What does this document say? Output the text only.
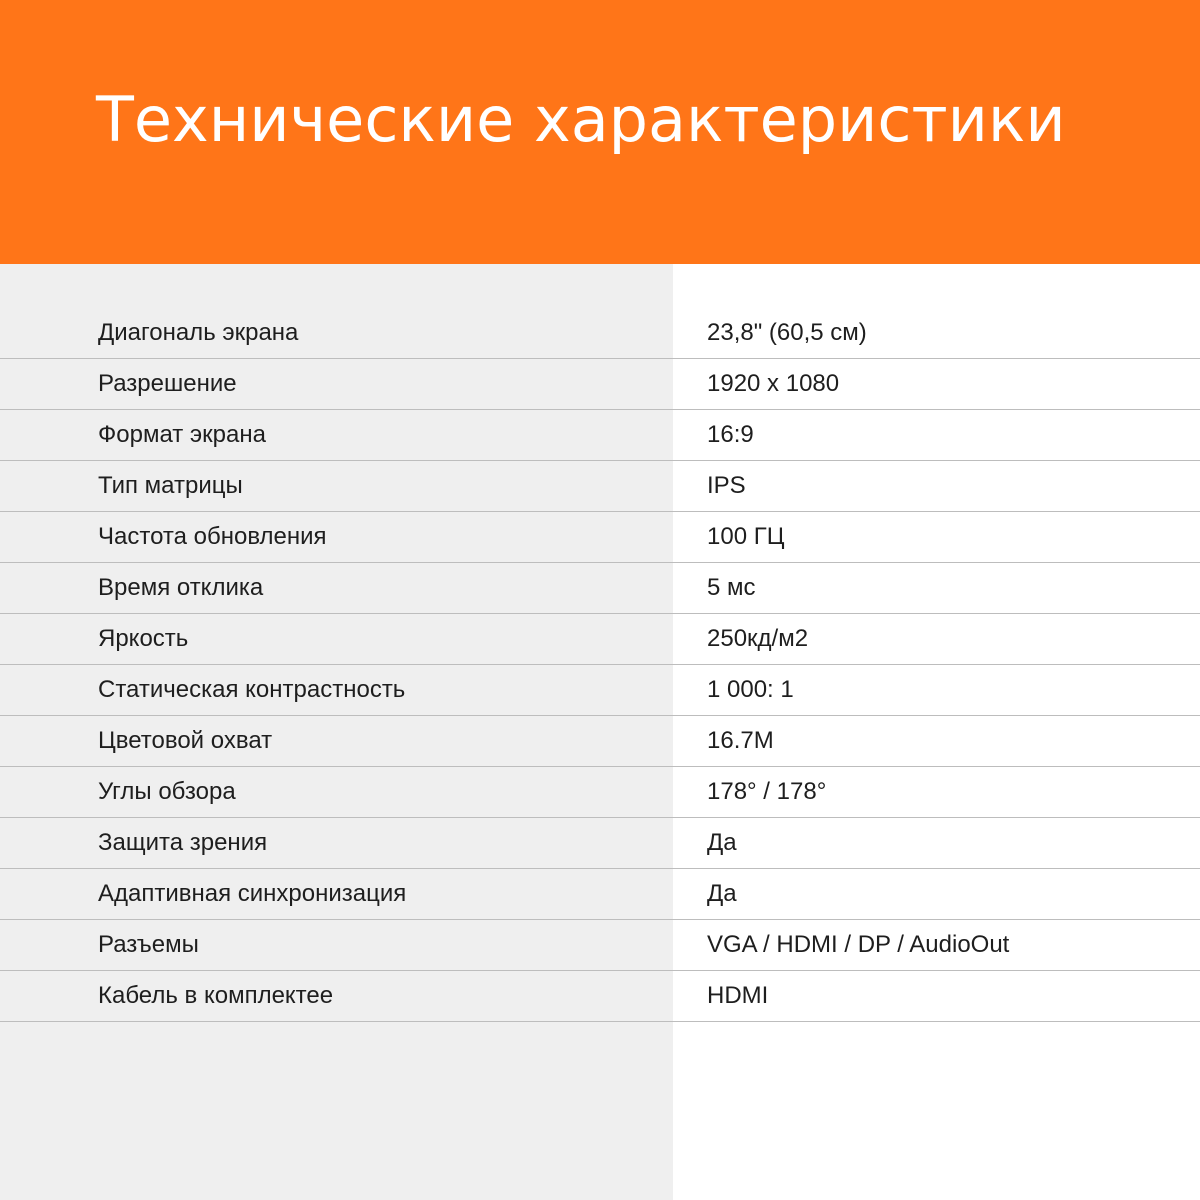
Технические характеристики
Диагональ экрана	23,8" (60,5 см)
Разрешение	1920 x 1080
Формат экрана	16:9
Тип матрицы	IPS
Частота обновления	100 ГЦ
Время отклика	5 мс
Яркость	250кд/м2
Статическая контрастность	1 000: 1
Цветовой охват	16.7M
Углы обзора	178° / 178°
Защита зрения	Да
Адаптивная синхронизация	Да
Разъемы	VGA / HDMI / DP / AudioOut
Кабель в комплектее	HDMI
